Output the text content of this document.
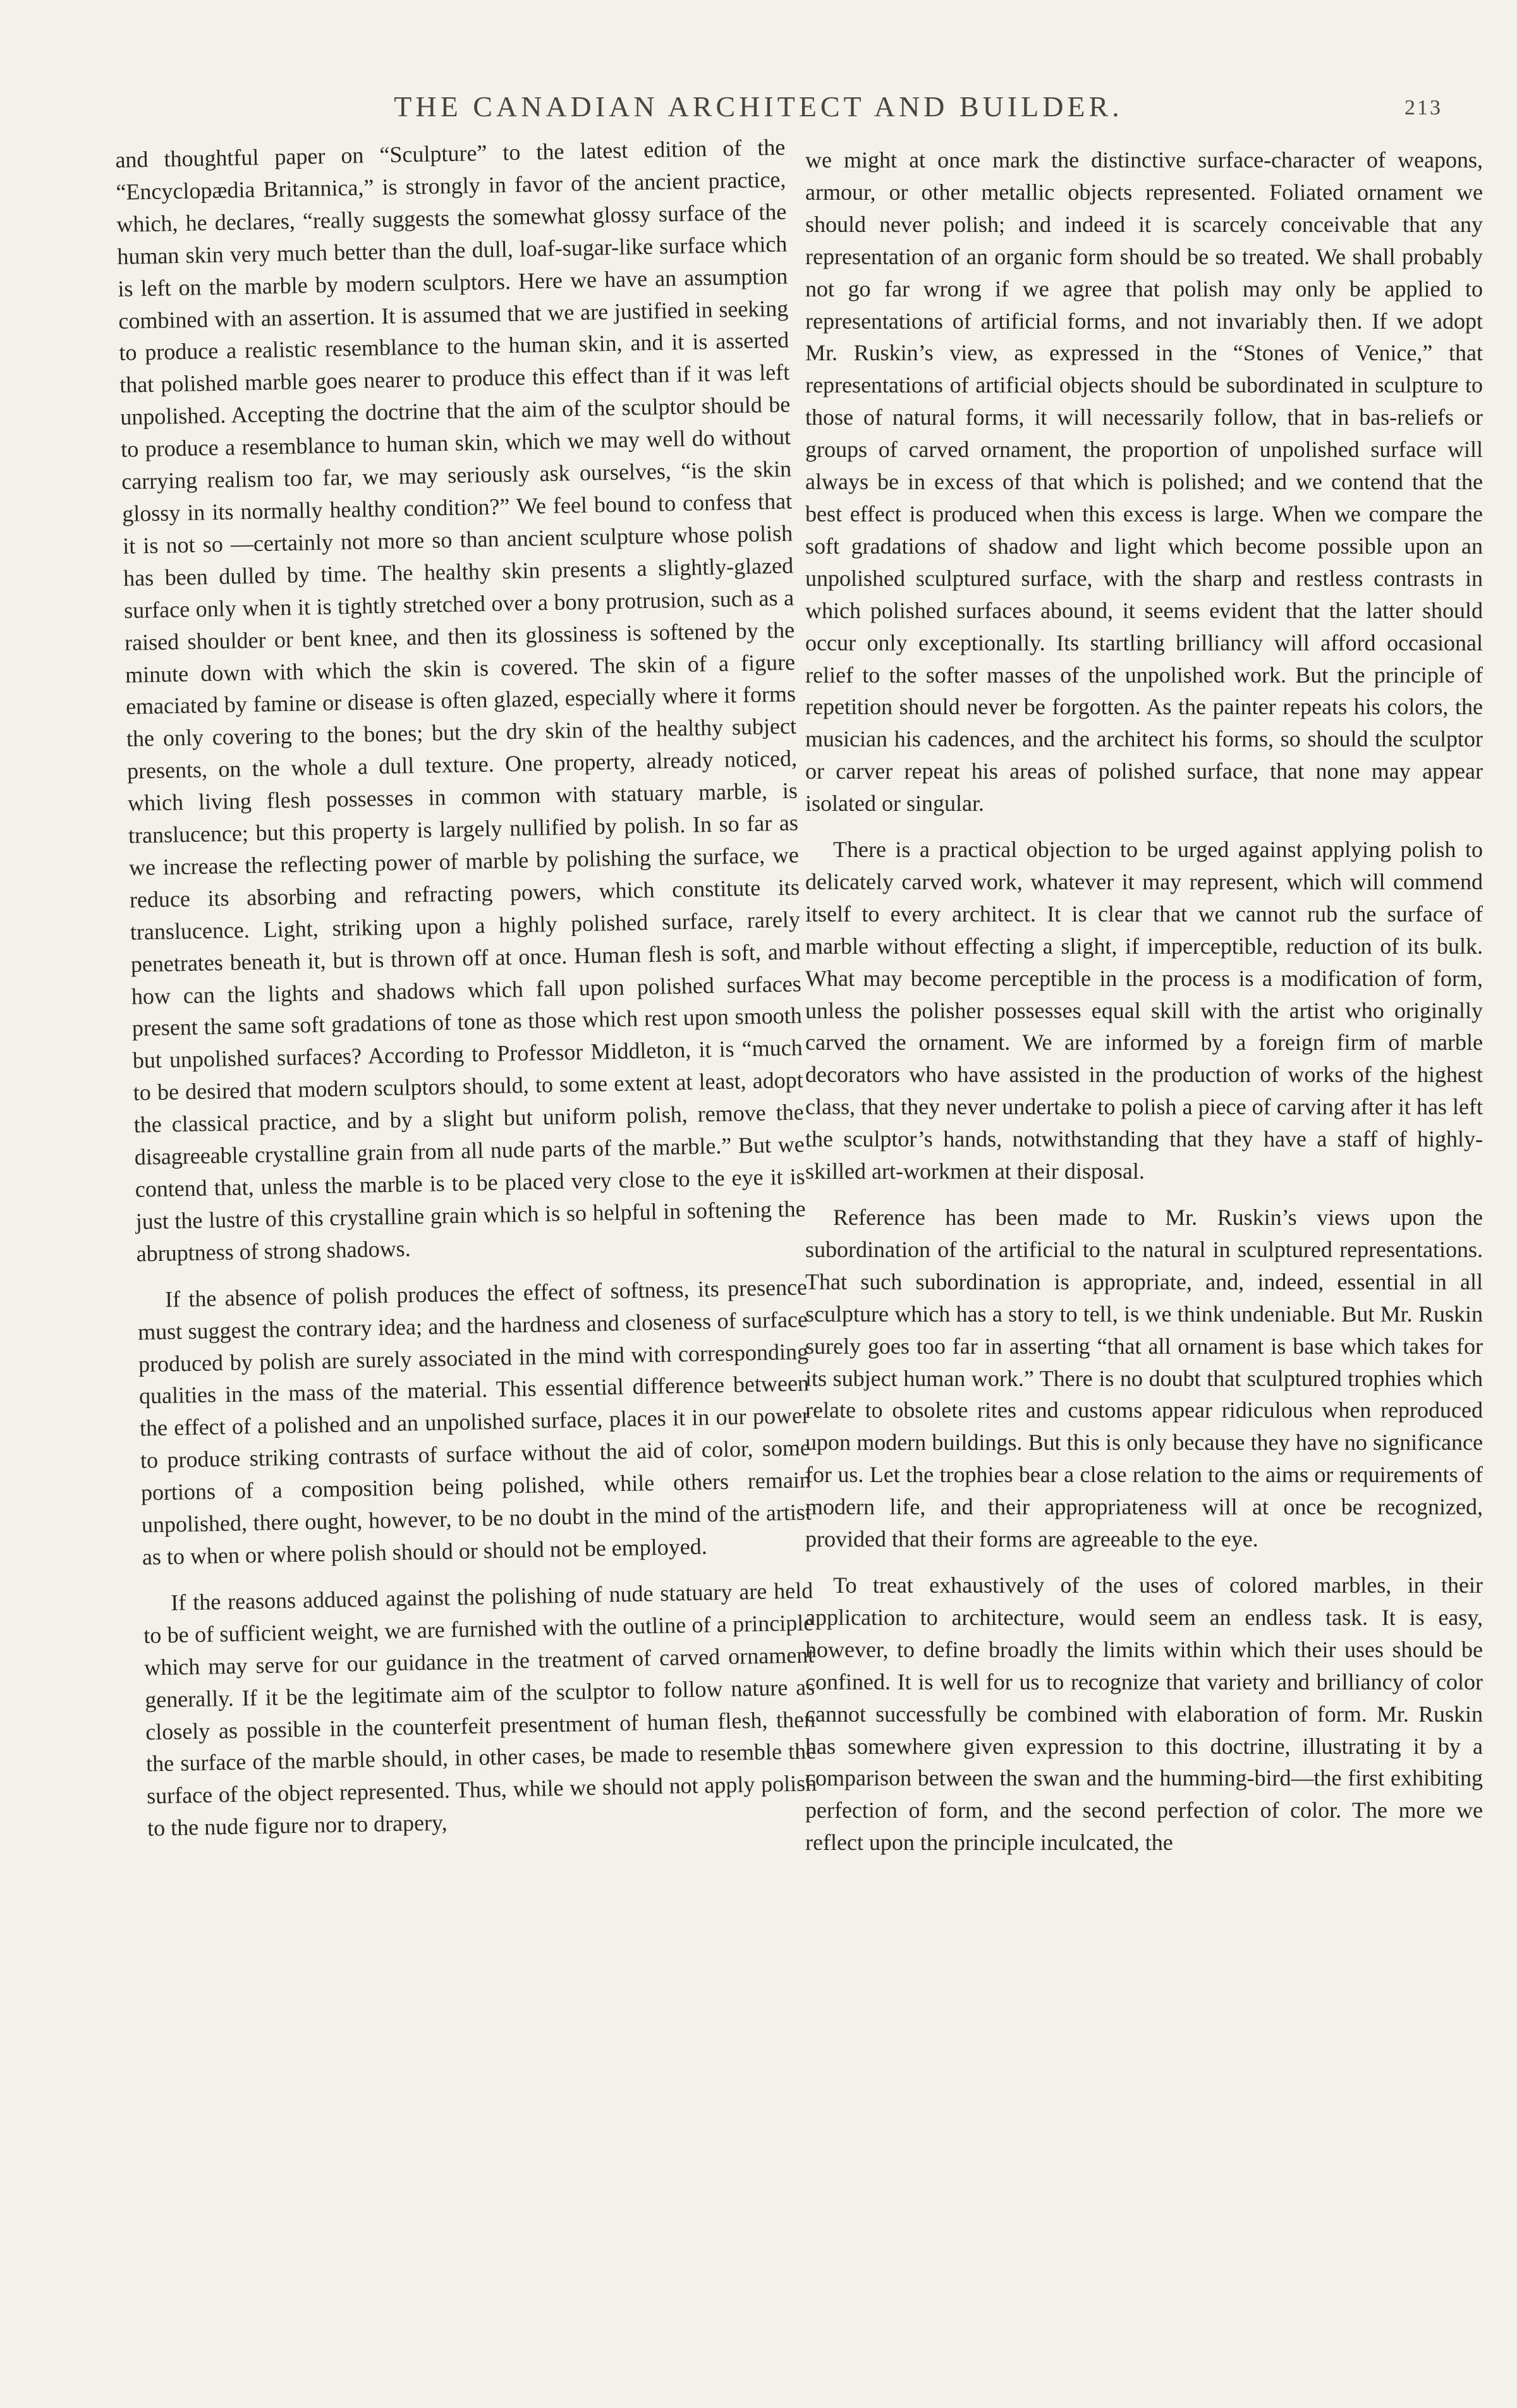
THE CANADIAN ARCHITECT AND BUILDER.	213

and thoughtful paper on “Sculpture” to the latest edition of the “Encyclopædia Britannica,” is strongly in favor of the ancient practice, which, he declares, “really suggests the somewhat glossy surface of the human skin very much better than the dull, loaf-sugar-like surface which is left on the marble by modern sculptors. Here we have an assumption combined with an assertion. It is assumed that we are justified in seeking to produce a realistic resemblance to the human skin, and it is asserted that polished marble goes nearer to produce this effect than if it was left unpolished. Accepting the doctrine that the aim of the sculptor should be to produce a resemblance to human skin, which we may well do without carrying realism too far, we may seriously ask ourselves, “is the skin glossy in its normally healthy condition?” We feel bound to confess that it is not so —certainly not more so than ancient sculpture whose polish has been dulled by time. The healthy skin presents a slightly-glazed surface only when it is tightly stretched over a bony protrusion, such as a raised shoulder or bent knee, and then its glossiness is softened by the minute down with which the skin is covered. The skin of a figure emaciated by famine or disease is often glazed, especially where it forms the only covering to the bones; but the dry skin of the healthy subject presents, on the whole a dull texture. One property, already noticed, which living flesh possesses in common with statuary marble, is translucence; but this property is largely nullified by polish. In so far as we increase the reflecting power of marble by polishing the surface, we reduce its absorbing and refracting powers, which constitute its translucence. Light, striking upon a highly polished surface, rarely penetrates beneath it, but is thrown off at once. Human flesh is soft, and how can the lights and shadows which fall upon polished surfaces present the same soft gradations of tone as those which rest upon smooth but unpolished surfaces? According to Professor Middleton, it is “much to be desired that modern sculptors should, to some extent at least, adopt the classical practice, and by a slight but uniform polish, remove the disagreeable crystalline grain from all nude parts of the marble.” But we contend that, unless the marble is to be placed very close to the eye it is just the lustre of this crystalline grain which is so helpful in softening the abruptness of strong shadows.

If the absence of polish produces the effect of softness, its presence must suggest the contrary idea; and the hardness and closeness of surface produced by polish are surely associated in the mind with corresponding qualities in the mass of the material. This essential difference between the effect of a polished and an unpolished surface, places it in our power to produce striking contrasts of surface without the aid of color, some portions of a composition being polished, while others remain unpolished, there ought, however, to be no doubt in the mind of the artist as to when or where polish should or should not be employed.

If the reasons adduced against the polishing of nude statuary are held to be of sufficient weight, we are furnished with the outline of a principle which may serve for our guidance in the treatment of carved ornament generally. If it be the legitimate aim of the sculptor to follow nature as closely as possible in the counterfeit presentment of human flesh, then the surface of the marble should, in other cases, be made to resemble the surface of the object represented. Thus, while we should not apply polish to the nude figure nor to drapery,

we might at once mark the distinctive surface-character of weapons, armour, or other metallic objects represented. Foliated ornament we should never polish; and indeed it is scarcely conceivable that any representation of an organic form should be so treated. We shall probably not go far wrong if we agree that polish may only be applied to representations of artificial forms, and not invariably then. If we adopt Mr. Ruskin’s view, as expressed in the “Stones of Venice,” that representations of artificial objects should be subordinated in sculpture to those of natural forms, it will necessarily follow, that in bas-reliefs or groups of carved ornament, the proportion of unpolished surface will always be in excess of that which is polished; and we contend that the best effect is produced when this excess is large. When we compare the soft gradations of shadow and light which become possible upon an unpolished sculptured surface, with the sharp and restless contrasts in which polished surfaces abound, it seems evident that the latter should occur only exceptionally. Its startling brilliancy will afford occasional relief to the softer masses of the unpolished work. But the principle of repetition should never be forgotten. As the painter repeats his colors, the musician his cadences, and the architect his forms, so should the sculptor or carver repeat his areas of polished surface, that none may appear isolated or singular.

There is a practical objection to be urged against applying polish to delicately carved work, whatever it may represent, which will commend itself to every architect. It is clear that we cannot rub the surface of marble without effecting a slight, if imperceptible, reduction of its bulk. What may become perceptible in the process is a modification of form, unless the polisher possesses equal skill with the artist who originally carved the ornament. We are informed by a foreign firm of marble decorators who have assisted in the production of works of the highest class, that they never undertake to polish a piece of carving after it has left the sculptor’s hands, notwithstanding that they have a staff of highly-skilled art-workmen at their disposal.

Reference has been made to Mr. Ruskin’s views upon the subordination of the artificial to the natural in sculptured representations. That such subordination is appropriate, and, indeed, essential in all sculpture which has a story to tell, is we think undeniable. But Mr. Ruskin surely goes too far in asserting “that all ornament is base which takes for its subject human work.” There is no doubt that sculptured trophies which relate to obsolete rites and customs appear ridiculous when reproduced upon modern buildings. But this is only because they have no significance for us. Let the trophies bear a close relation to the aims or requirements of modern life, and their appropriateness will at once be recognized, provided that their forms are agreeable to the eye.

To treat exhaustively of the uses of colored marbles, in their application to architecture, would seem an endless task. It is easy, however, to define broadly the limits within which their uses should be confined. It is well for us to recognize that variety and brilliancy of color cannot successfully be combined with elaboration of form. Mr. Ruskin has somewhere given expression to this doctrine, illustrating it by a comparison between the swan and the humming-bird—the first exhibiting perfection of form, and the second perfection of color. The more we reflect upon the principle inculcated, the
